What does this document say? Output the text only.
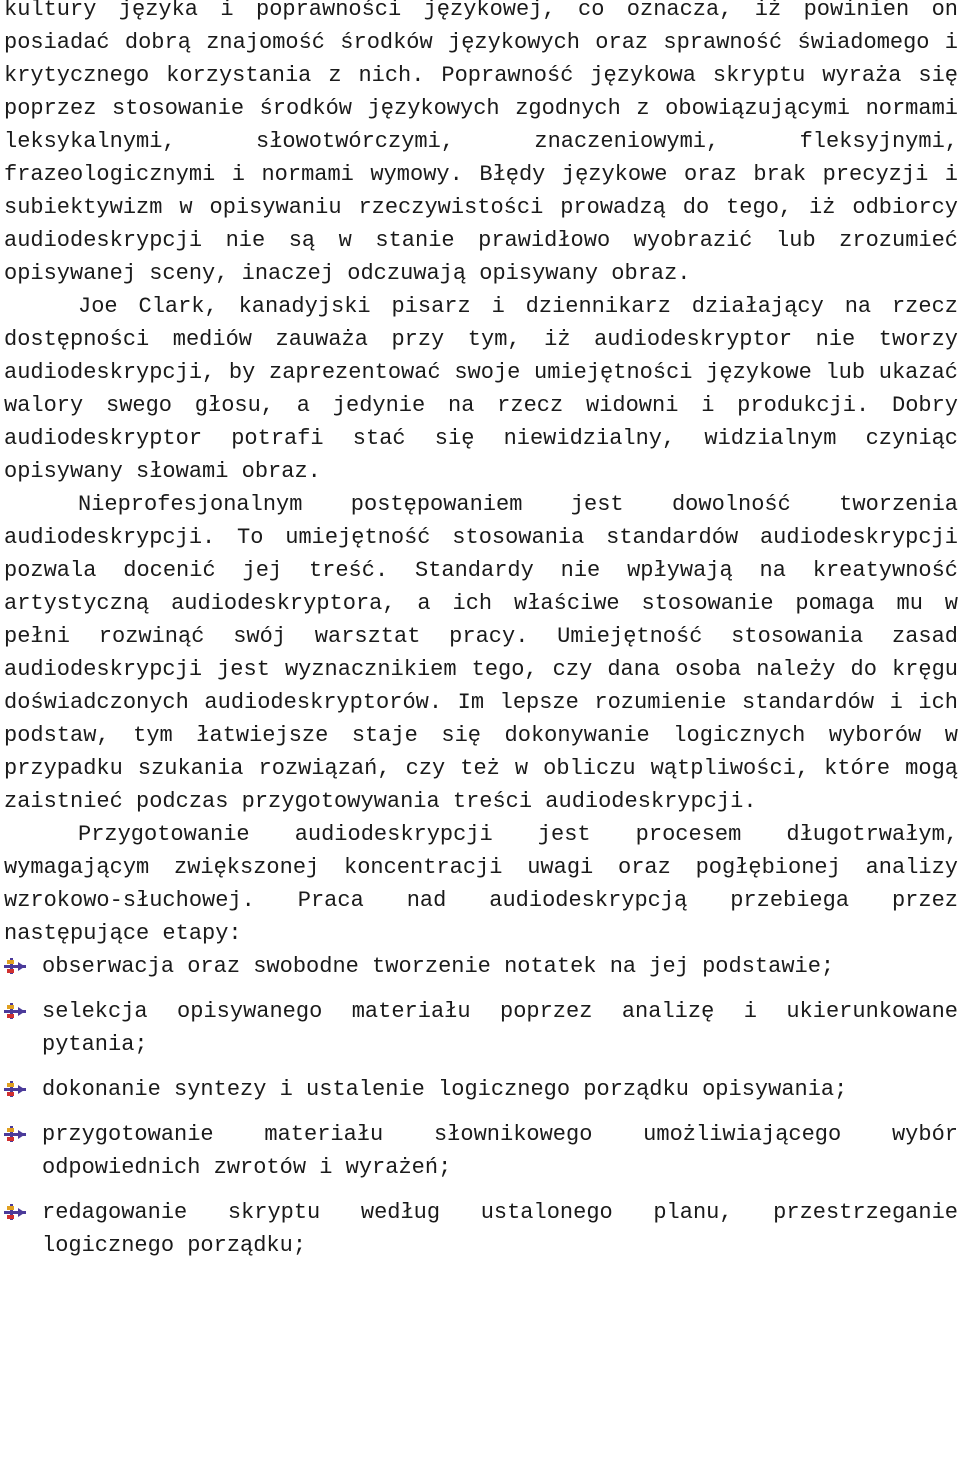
kultury języka i poprawności językowej, co oznacza, iż powinien on posiadać dobrą znajomość środków językowych oraz sprawność świadomego i krytycznego korzystania z nich. Poprawność językowa skryptu wyraża się poprzez stosowanie środków językowych zgodnych z obowiązującymi normami leksykalnymi, słowotwórczymi, znaczeniowymi, fleksyjnymi, frazeologicznymi i normami wymowy. Błędy językowe oraz brak precyzji i subiektywizm w opisywaniu rzeczywistości prowadzą do tego, iż odbiorcy audiodeskrypcji nie są w stanie prawidłowo wyobrazić lub zrozumieć opisywanej sceny, inaczej odczuwają opisywany obraz.

Joe Clark, kanadyjski pisarz i dziennikarz działający na rzecz dostępności mediów zauważa przy tym, iż audiodeskryptor nie tworzy audiodeskrypcji, by zaprezentować swoje umiejętności językowe lub ukazać walory swego głosu, a jedynie na rzecz widowni i produkcji. Dobry audiodeskryptor potrafi stać się niewidzialny, widzialnym czyniąc opisywany słowami obraz.

Nieprofesjonalnym postępowaniem jest dowolność tworzenia audiodeskrypcji. To umiejętność stosowania standardów audiodeskrypcji pozwala docenić jej treść. Standardy nie wpływają na kreatywność artystyczną audiodeskryptora, a ich właściwe stosowanie pomaga mu w pełni rozwinąć swój warsztat pracy. Umiejętność stosowania zasad audiodeskrypcji jest wyznacznikiem tego, czy dana osoba należy do kręgu doświadczonych audiodeskryptorów. Im lepsze rozumienie standardów i ich podstaw, tym łatwiejsze staje się dokonywanie logicznych wyborów w przypadku szukania rozwiązań, czy też w obliczu wątpliwości, które mogą zaistnieć podczas przygotowywania treści audiodeskrypcji.

Przygotowanie audiodeskrypcji jest procesem długotrwałym, wymagającym zwiększonej koncentracji uwagi oraz pogłębionej analizy wzrokowo-słuchowej. Praca nad audiodeskrypcją przebiega przez następujące etapy:

obserwacja oraz swobodne tworzenie notatek na jej podstawie;
selekcja opisywanego materiału poprzez analizę i ukierunkowane pytania;
dokonanie syntezy i ustalenie logicznego porządku opisywania;
przygotowanie materiału słownikowego umożliwiającego wybór odpowiednich zwrotów i wyrażeń;
redagowanie skryptu według ustalonego planu, przestrzeganie logicznego porządku;
